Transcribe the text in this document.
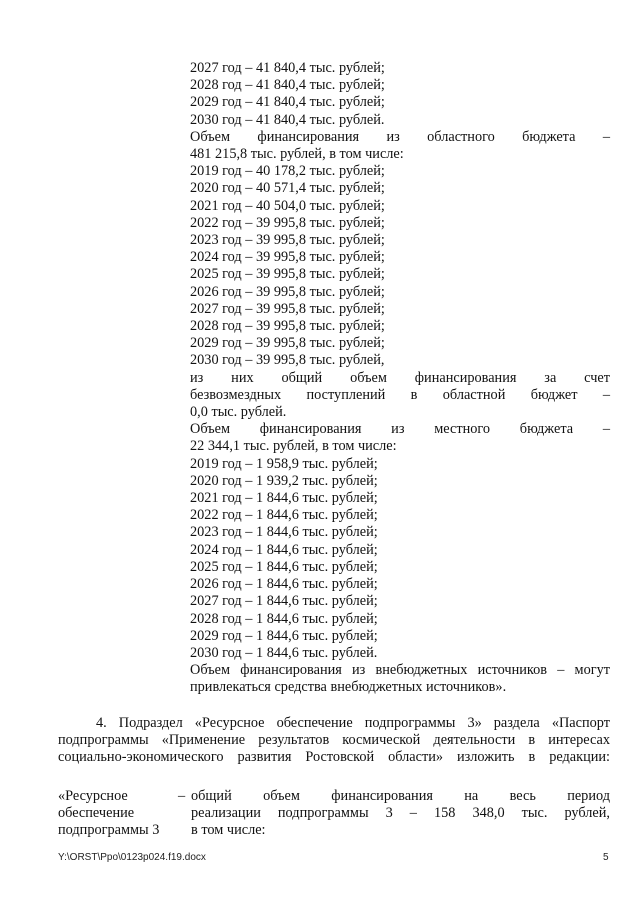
2027 год – 41 840,4 тыс. рублей;
2028 год – 41 840,4 тыс. рублей;
2029 год – 41 840,4 тыс. рублей;
2030 год – 41 840,4 тыс. рублей.
Объем финансирования из областного бюджета –
481 215,8 тыс. рублей, в том числе:
2019 год – 40 178,2 тыс. рублей;
2020 год – 40 571,4 тыс. рублей;
2021 год – 40 504,0 тыс. рублей;
2022 год – 39 995,8 тыс. рублей;
2023 год – 39 995,8 тыс. рублей;
2024 год – 39 995,8 тыс. рублей;
2025 год – 39 995,8 тыс. рублей;
2026 год – 39 995,8 тыс. рублей;
2027 год – 39 995,8 тыс. рублей;
2028 год – 39 995,8 тыс. рублей;
2029 год – 39 995,8 тыс. рублей;
2030 год – 39 995,8 тыс. рублей,
из них общий объем финансирования за счет
безвозмездных поступлений в областной бюджет –
0,0 тыс. рублей.
Объем финансирования из местного бюджета –
22 344,1 тыс. рублей, в том числе:
2019 год – 1 958,9 тыс. рублей;
2020 год – 1 939,2 тыс. рублей;
2021 год – 1 844,6 тыс. рублей;
2022 год – 1 844,6 тыс. рублей;
2023 год – 1 844,6 тыс. рублей;
2024 год – 1 844,6 тыс. рублей;
2025 год – 1 844,6 тыс. рублей;
2026 год – 1 844,6 тыс. рублей;
2027 год – 1 844,6 тыс. рублей;
2028 год – 1 844,6 тыс. рублей;
2029 год – 1 844,6 тыс. рублей;
2030 год – 1 844,6 тыс. рублей.
Объем финансирования из внебюджетных источников – могут
привлекаться средства внебюджетных источников».
4. Подраздел «Ресурсное обеспечение подпрограммы 3» раздела «Паспорт
подпрограммы «Применение результатов космической деятельности в интересах
социально-экономического развития Ростовской области» изложить в редакции:
«Ресурсное
обеспечение
подпрограммы 3
– общий объем финансирования на весь период
реализации подпрограммы 3 – 158 348,0 тыс. рублей,
в том числе:
Y:\ORST\Ppo\0123p024.f19.docx	5
